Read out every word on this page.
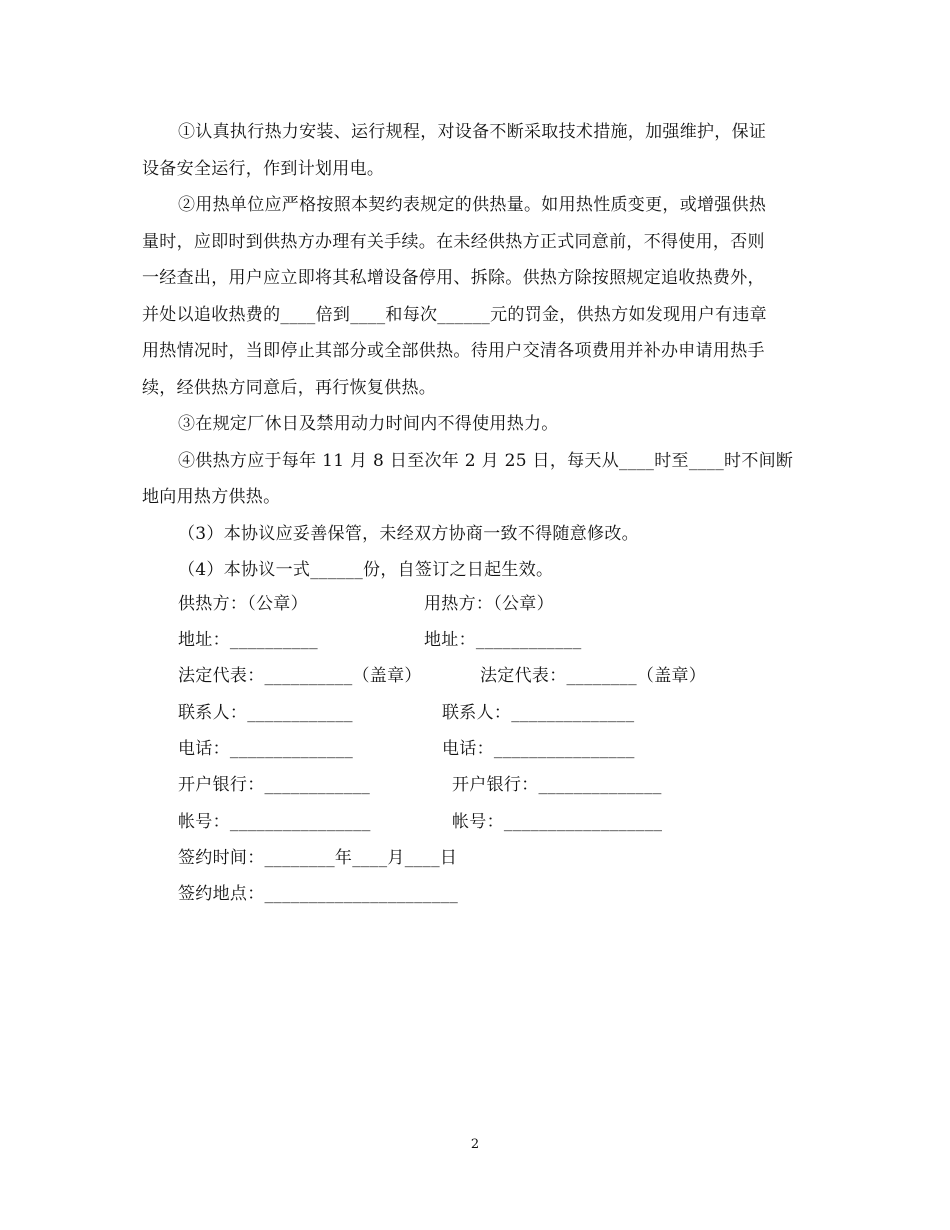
①认真执行热力安装、运行规程，对设备不断采取技术措施，加强维护，保证
设备安全运行，作到计划用电。

②用热单位应严格按照本契约表规定的供热量。如用热性质变更，或增强供热
量时，应即时到供热方办理有关手续。在未经供热方正式同意前，不得使用，否则
一经查出，用户应立即将其私增设备停用、拆除。供热方除按照规定追收热费外，
并处以追收热费的____倍到____和每次______元的罚金，供热方如发现用户有违章
用热情况时，当即停止其部分或全部供热。待用户交清各项费用并补办申请用热手
续，经供热方同意后，再行恢复供热。

③在规定厂休日及禁用动力时间内不得使用热力。

④供热方应于每年 11 月 8 日至次年 2 月 25 日，每天从____时至____时不间断
地向用热方供热。

（3）本协议应妥善保管，未经双方协商一致不得随意修改。

（4）本协议一式______份，自签订之日起生效。

供热方：（公章）
地址：__________
法定代表：__________（盖章）
联系人：____________
电话：______________
开户银行：____________
帐号：________________
用热方：（公章）
地址：____________
法定代表：________（盖章）
联系人：______________
电话：________________
开户银行：______________
帐号：__________________
签约时间：________年____月____日
签约地点：______________________
2
